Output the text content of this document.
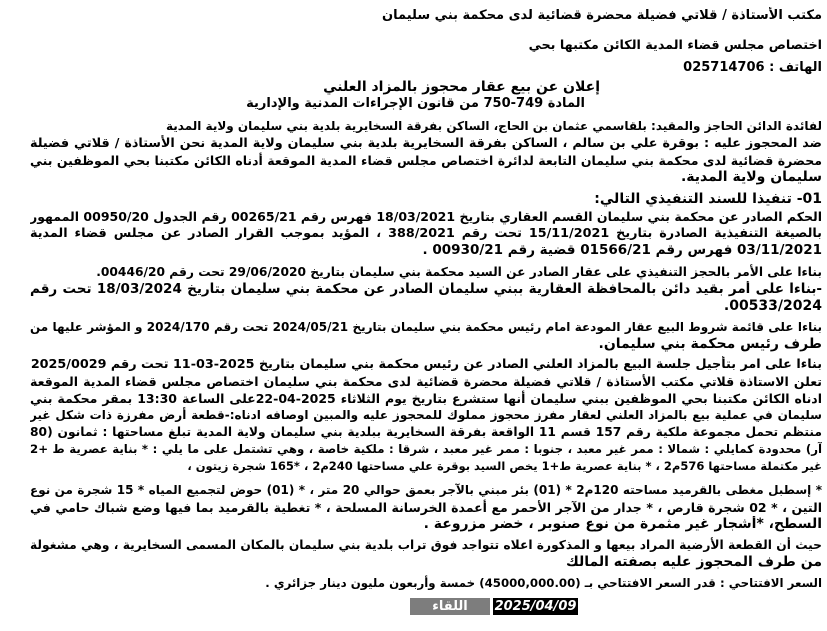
مكتب الأستاذة / قلاتي فضيلة محضرة قضائية لدى محكمة بني سليمان
اختصاص مجلس قضاء المدية الكائن مكتبها بحي
الهاتف : 025714706
إعلان عن بيع عقار محجوز بالمزاد العلني
المادة 749-750 من قانون الإجراءات المدنية والإدارية
لفائدة الدائن الحاجز والمقيد: بلقاسمي عثمان بن الحاج، الساكن بفرقة السخايرية بلدية بني سليمان ولاية المدية
ضد المحجوز عليه : بوقرة علي بن سالم ، الساكن بفرقة السخايرية بلدية بني سليمان ولاية المدية نحن الأستاذة / قلاتي فضيلة
محضرة قضائية لدى محكمة بني سليمان التابعة لدائرة اختصاص مجلس قضاء المدية الموقعة أدناه الكائن مكتبنا بحي الموظفين بني
سليمان ولاية المدية.
01- تنفيذا للسند التنفيذي التالي:
الحكم الصادر عن محكمة بني سليمان القسم العقاري بتاريخ 18/03/2021 فهرس رقم 00265/21 رقم الجدول 00950/20 الممهور
بالصيغة التنفيذية الصادرة بتاريخ 15/11/2021 تحت رقم 388/2021 ، المؤيد بموجب القرار الصادر عن مجلس قضاء المدية
03/11/2021 فهرس رقم 01566/21 قضية رقم 00930/21 .
بناءا على الأمر بالحجز التنفيذي على عقار الصادر عن السيد محكمة بني سليمان بتاريخ 29/06/2020 تحت رقم 00446/20.
-بناءا على أمر بقيد دائن بالمحافظة العقارية ببني سليمان الصادر عن محكمة بني سليمان بتاريخ 18/03/2024 تحت رقم
00533/2024.
بناءا على قائمة شروط البيع عقار المودعة امام رئيس محكمة بني سليمان بتاريخ 2024/05/21 تحت رقم 2024/170 و المؤشر عليها من
طرف رئيس محكمة بني سليمان.
بناءا على امر بتأجيل جلسة البيع بالمزاد العلني الصادر عن رئيس محكمة بني سليمان بتاريخ 2025-03-11 تحت رقم 2025/0029
تعلن الاستاذة قلاتي مكتب الأستاذة / قلاتي فضيلة محضرة قضائية لدى محكمة بني سليمان اختصاص مجلس قضاء المدية الموقعة
ادناه الكائن مكتبنا بحي الموظفين ببني سليمان أنها ستشرع بتاريخ يوم الثلاثاء 2025-04-22على الساعة 13:30 بمقر محكمة بني
سليمان في عملية بيع بالمزاد العلني لعقار مفرز محجوز مملوك للمحجوز عليه والمبين اوصافه ادناه:-قطعة أرض مفرزة ذات شكل غير
منتظم تحمل مجموعة ملكية رقم 157 قسم 11 الواقعة بفرقة السخايرية ببلدية بني سليمان ولاية المدية تبلغ مساحتها : ثمانون (80
آر) محدودة كمايلي : شمالا : ممر غير معبد ، جنوبا : ممر غير معبد ، شرقا : ملكية خاصة ، وهي تشتمل على ما يلي : * بناية عصرية ط +2
غير مكتملة مساحتها 576م2 ، * بناية عصرية ط+1 يخص السيد بوقرة علي مساحتها 240م2 ، *165 شجرة زيتون ،
* إسطبل مغطى بالقرميد مساحته 120م2 * (01) بئر مبني بالآجر بعمق حوالي 20 متر ، * (01) حوض لتجميع المياه * 15 شجرة من نوع
التين ، * 02 شجرة قارص ، * جدار من الآجر الأحمر مع أعمدة الخرسانة المسلحة ، * تغطية بالقرميد بما فيها وضع شباك حامي في
السطح، *أشجار غير مثمرة من نوع صنوبر ، خضر مزروعة .
حيث أن القطعة الأرضية المراد بيعها و المذكورة اعلاه تتواجد فوق تراب بلدية بني سليمان بالمكان المسمى السخايرية ، وهي مشغولة
من طرف المحجوز عليه بصفته المالك
السعر الافتتاحي : قدر السعر الافتتاحي بـ (45000,000.00) خمسة وأربعون مليون دينار جزائري .
اللقاء	2025/04/09
